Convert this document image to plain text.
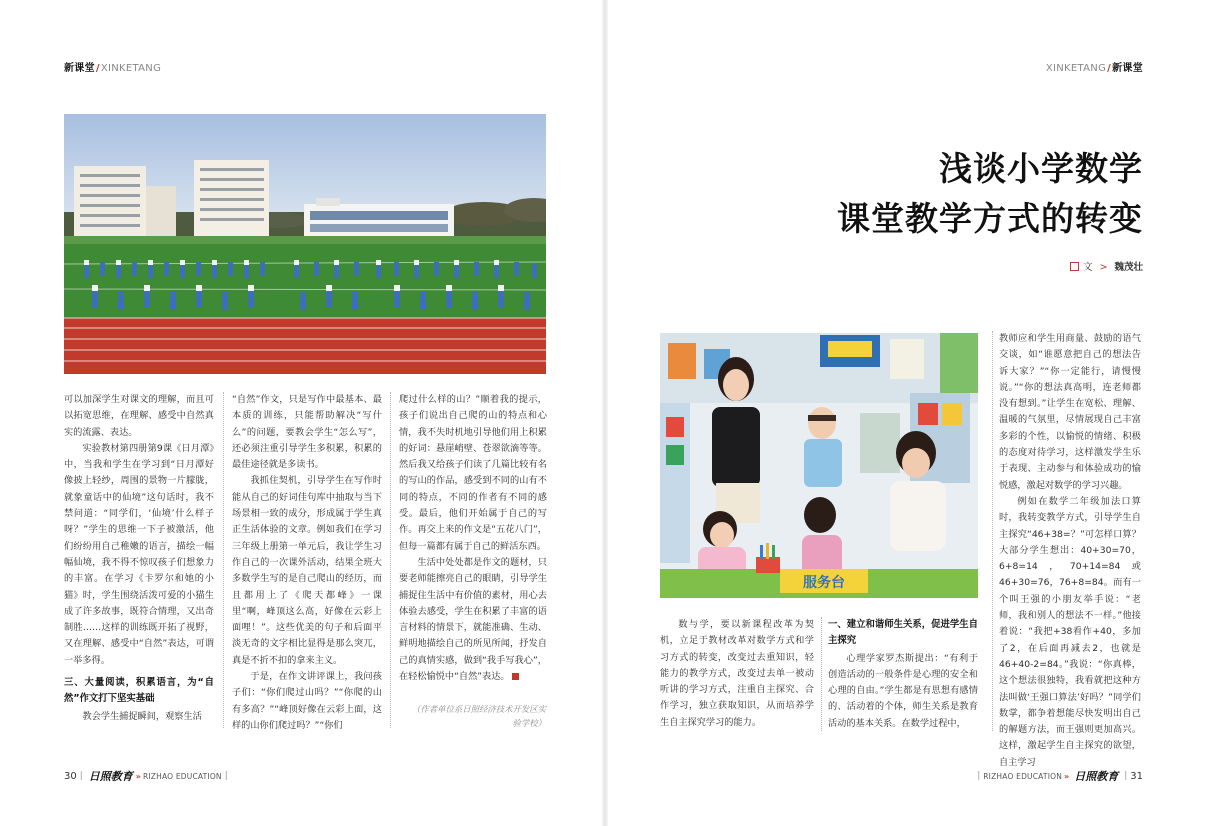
新课堂/XINKETANG

可以加深学生对课文的理解，而且可以拓宽思维，在理解、感受中自然真实的流露、表达。

实验教材第四册第9课《日月潭》中，当我和学生在学习到“日月潭好像披上轻纱，周围的景物一片朦胧，就象童话中的仙境”这句话时，我不禁问道：“同学们，‘仙境’什么样子呀？”学生的思维一下子被激活，他们纷纷用自己稚嫩的语言，描绘一幅幅仙境，我不得不惊叹孩子们想象力的丰富。在学习《卡罗尔和她的小猫》时，学生围绕活泼可爱的小猫生成了许多故事，既符合情理，又出奇制胜……这样的训练既开拓了视野，又在理解、感受中“自然”表达，可谓一举多得。

三、大量阅读，积累语言，为“自然”作文打下坚实基础

教会学生捕捉瞬间，观察生活

“自然”作文，只是写作中最基本、最本质的训练，只能帮助解决“写什么”的问题，要教会学生“怎么写”，还必须注重引导学生多积累，积累的最佳途径就是多读书。

我抓住契机，引导学生在写作时能从自己的好词佳句库中抽取与当下场景相一致的成分，形成属于学生真正生活体验的文章。例如我们在学习三年级上册第一单元后，我让学生习作自己的一次课外活动，结果全班大多数学生写的是自己爬山的经历，而且都用上了《爬天都峰》一课里“啊，峰顶这么高，好像在云彩上面哩！”。这些优美的句子和后面平淡无奇的文字相比显得是那么突兀，真是不折不扣的拿来主义。

于是，在作文讲评课上，我问孩子们：“你们爬过山吗？”“你爬的山有多高？”“峰顶好像在云彩上面，这样的山你们爬过吗？”“你们

爬过什么样的山？”顺着我的提示，孩子们说出自己爬的山的特点和心情，我不失时机地引导他们用上积累的好词：悬崖峭壁、苍翠欲滴等等。然后我又给孩子们读了几篇比较有名的写山的作品，感受到不同的山有不同的特点，不同的作者有不同的感受。最后，他们开始属于自己的写作。再交上来的作文是“五花八门”，但每一篇都有属于自己的鲜活东西。

生活中处处都是作文的题材，只要老师能擦亮自己的眼睛，引导学生捕捉住生活中有价值的素材，用心去体验去感受，学生在积累了丰富的语言材料的情景下，就能准确、生动、鲜明地描绘自己的所见所闻，抒发自己的真情实感，做到“我手写我心”，在轻松愉悦中“自然”表达。

（作者单位系日照经济技术开发区实验学校）
30 | 日照教育 » RIZHAO EDUCATION |
XINKETANG/新课堂
浅谈小学数学
课堂教学方式的转变
文 > 魏茂壮
服务台

教师应和学生用商量、鼓励的语气交谈，如“谁愿意把自己的想法告诉大家？”“你一定能行，请慢慢说。”“你的想法真高明，连老师都没有想到。”让学生在宽松、理解、温暖的气氛里，尽情展现自己丰富多彩的个性，以愉悦的情绪、积极的态度对待学习，这样激发学生乐于表现、主动参与和体验成功的愉悦感，激起对数学的学习兴趣。

例如在数学二年级加法口算时，我转变教学方式，引导学生自主探究“46+38=？”可怎样口算？大部分学生想出：40+30=70，6+8=14，70+14=84或46+30=76，76+8=84。而有一个叫王强的小朋友举手说：“老师，我和别人的想法不一样。”他接着说：“我把+38看作+40，多加了2，在后面再减去2，也就是46+40-2=84。”我说：“你真棒，这个想法很独特，我看就把这种方法叫做‘王强口算法’好吗？”同学们数掌，都争着想能尽快发明出自己的解题方法，而王强则更加高兴。这样，激起学生自主探究的欲望，自主学习

数与学，要以新课程改革为契机，立足于教材改革对数学方式和学习方式的转变，改变过去重知识，轻能力的教学方式，改变过去单一被动听讲的学习方式，注重自主探究、合作学习，独立获取知识，从而培养学生自主探究学习的能力。

一、建立和谐师生关系，促进学生自主探究

心理学家罗杰斯提出：“有利于创造活动的一般条件是心理的安全和心理的自由。”学生都是有思想有感情的、活动着的个体，师生关系是教育活动的基本关系。在数学过程中，

| RIZHAO EDUCATION » 日照教育 | 31
